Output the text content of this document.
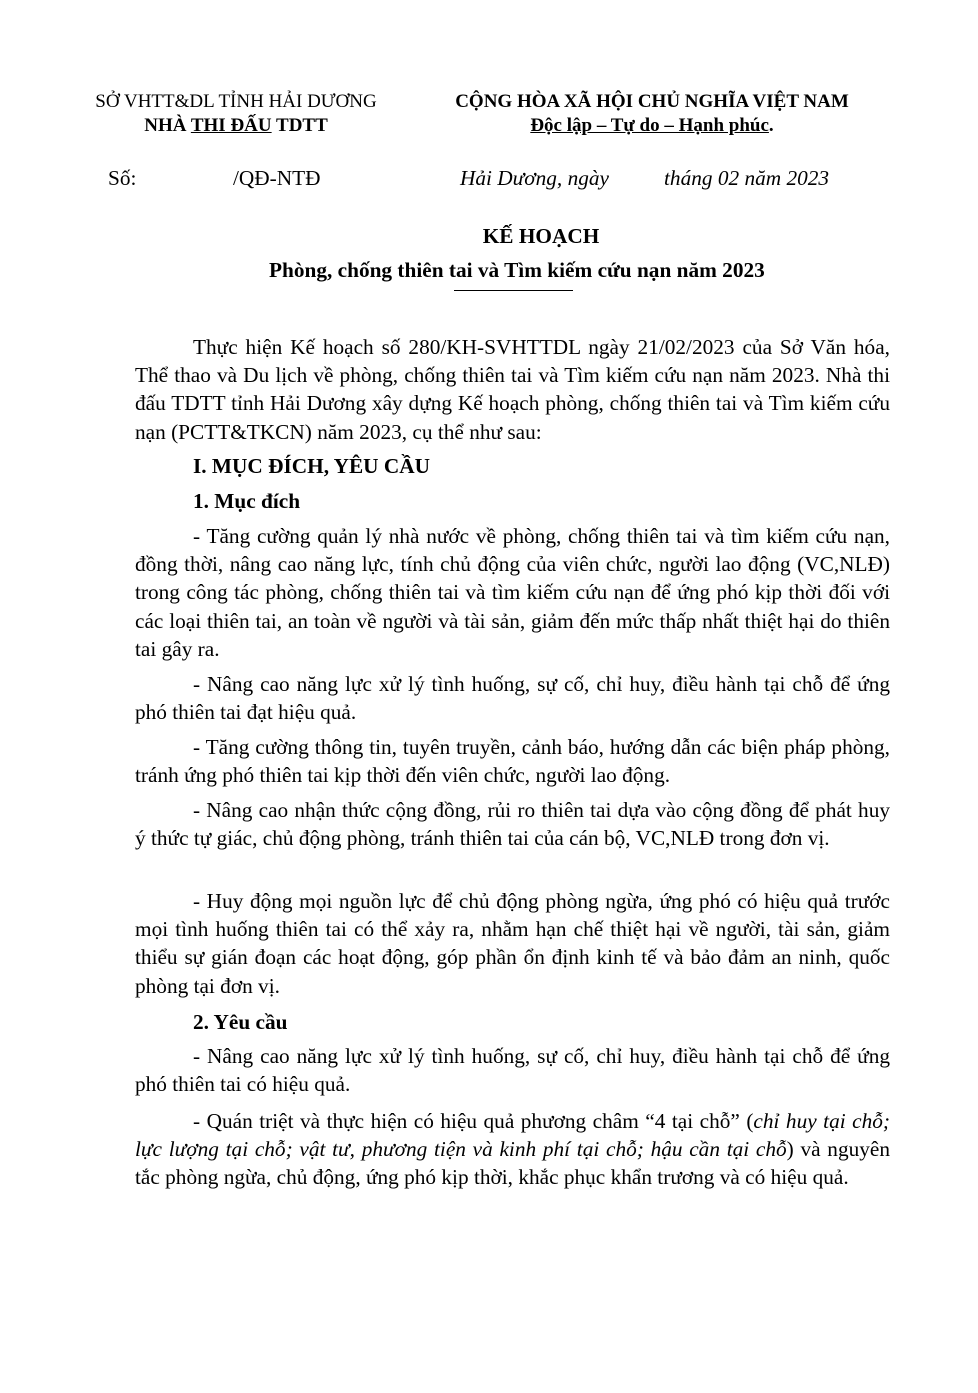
SỞ VHTT&DL TỈNH HẢI DƯƠNG
NHÀ THI ĐẤU TDTT
CỘNG HÒA XÃ HỘI CHỦ NGHĨA VIỆT NAM
Độc lập – Tự do – Hạnh phúc.
Số:	/QĐ-NTĐ	Hải Dương, ngày	tháng 02 năm 2023
KẾ HOẠCH
Phòng, chống thiên tai và Tìm kiếm cứu nạn năm 2023
Thực hiện Kế hoạch số 280/KH-SVHTTDL ngày 21/02/2023 của Sở Văn hóa, Thể thao và Du lịch về phòng, chống thiên tai và Tìm kiếm cứu nạn năm 2023. Nhà thi đấu TDTT tỉnh Hải Dương xây dựng Kế hoạch phòng, chống thiên tai và Tìm kiếm cứu nạn (PCTT&TKCN) năm 2023, cụ thể như sau:
I. MỤC ĐÍCH, YÊU CẦU
1. Mục đích
- Tăng cường quản lý nhà nước về phòng, chống thiên tai và tìm kiếm cứu nạn, đồng thời, nâng cao năng lực, tính chủ động của viên chức, người lao động (VC,NLĐ) trong công tác phòng, chống thiên tai và tìm kiếm cứu nạn để ứng phó kịp thời đối với các loại thiên tai, an toàn về người và tài sản, giảm đến mức thấp nhất thiệt hại do thiên tai gây ra.
- Nâng cao năng lực xử lý tình huống, sự cố, chỉ huy, điều hành tại chỗ để ứng phó thiên tai đạt hiệu quả.
- Tăng cường thông tin, tuyên truyền, cảnh báo, hướng dẫn các biện pháp phòng, tránh ứng phó thiên tai kịp thời đến viên chức, người lao động.
- Nâng cao nhận thức cộng đồng, rủi ro thiên tai dựa vào cộng đồng để phát huy ý thức tự giác, chủ động phòng, tránh thiên tai của cán bộ, VC,NLĐ trong đơn vị.
- Huy động mọi nguồn lực để chủ động phòng ngừa, ứng phó có hiệu quả trước mọi tình huống thiên tai có thể xảy ra, nhằm hạn chế thiệt hại về người, tài sản, giảm thiểu sự gián đoạn các hoạt động, góp phần ổn định kinh tế và bảo đảm an ninh, quốc phòng tại đơn vị.
2. Yêu cầu
- Nâng cao năng lực xử lý tình huống, sự cố, chỉ huy, điều hành tại chỗ để ứng phó thiên tai có hiệu quả.
- Quán triệt và thực hiện có hiệu quả phương châm “4 tại chỗ” (chỉ huy tại chỗ; lực lượng tại chỗ; vật tư, phương tiện và kinh phí tại chỗ; hậu cần tại chỗ) và nguyên tắc phòng ngừa, chủ động, ứng phó kịp thời, khắc phục khẩn trương và có hiệu quả.
